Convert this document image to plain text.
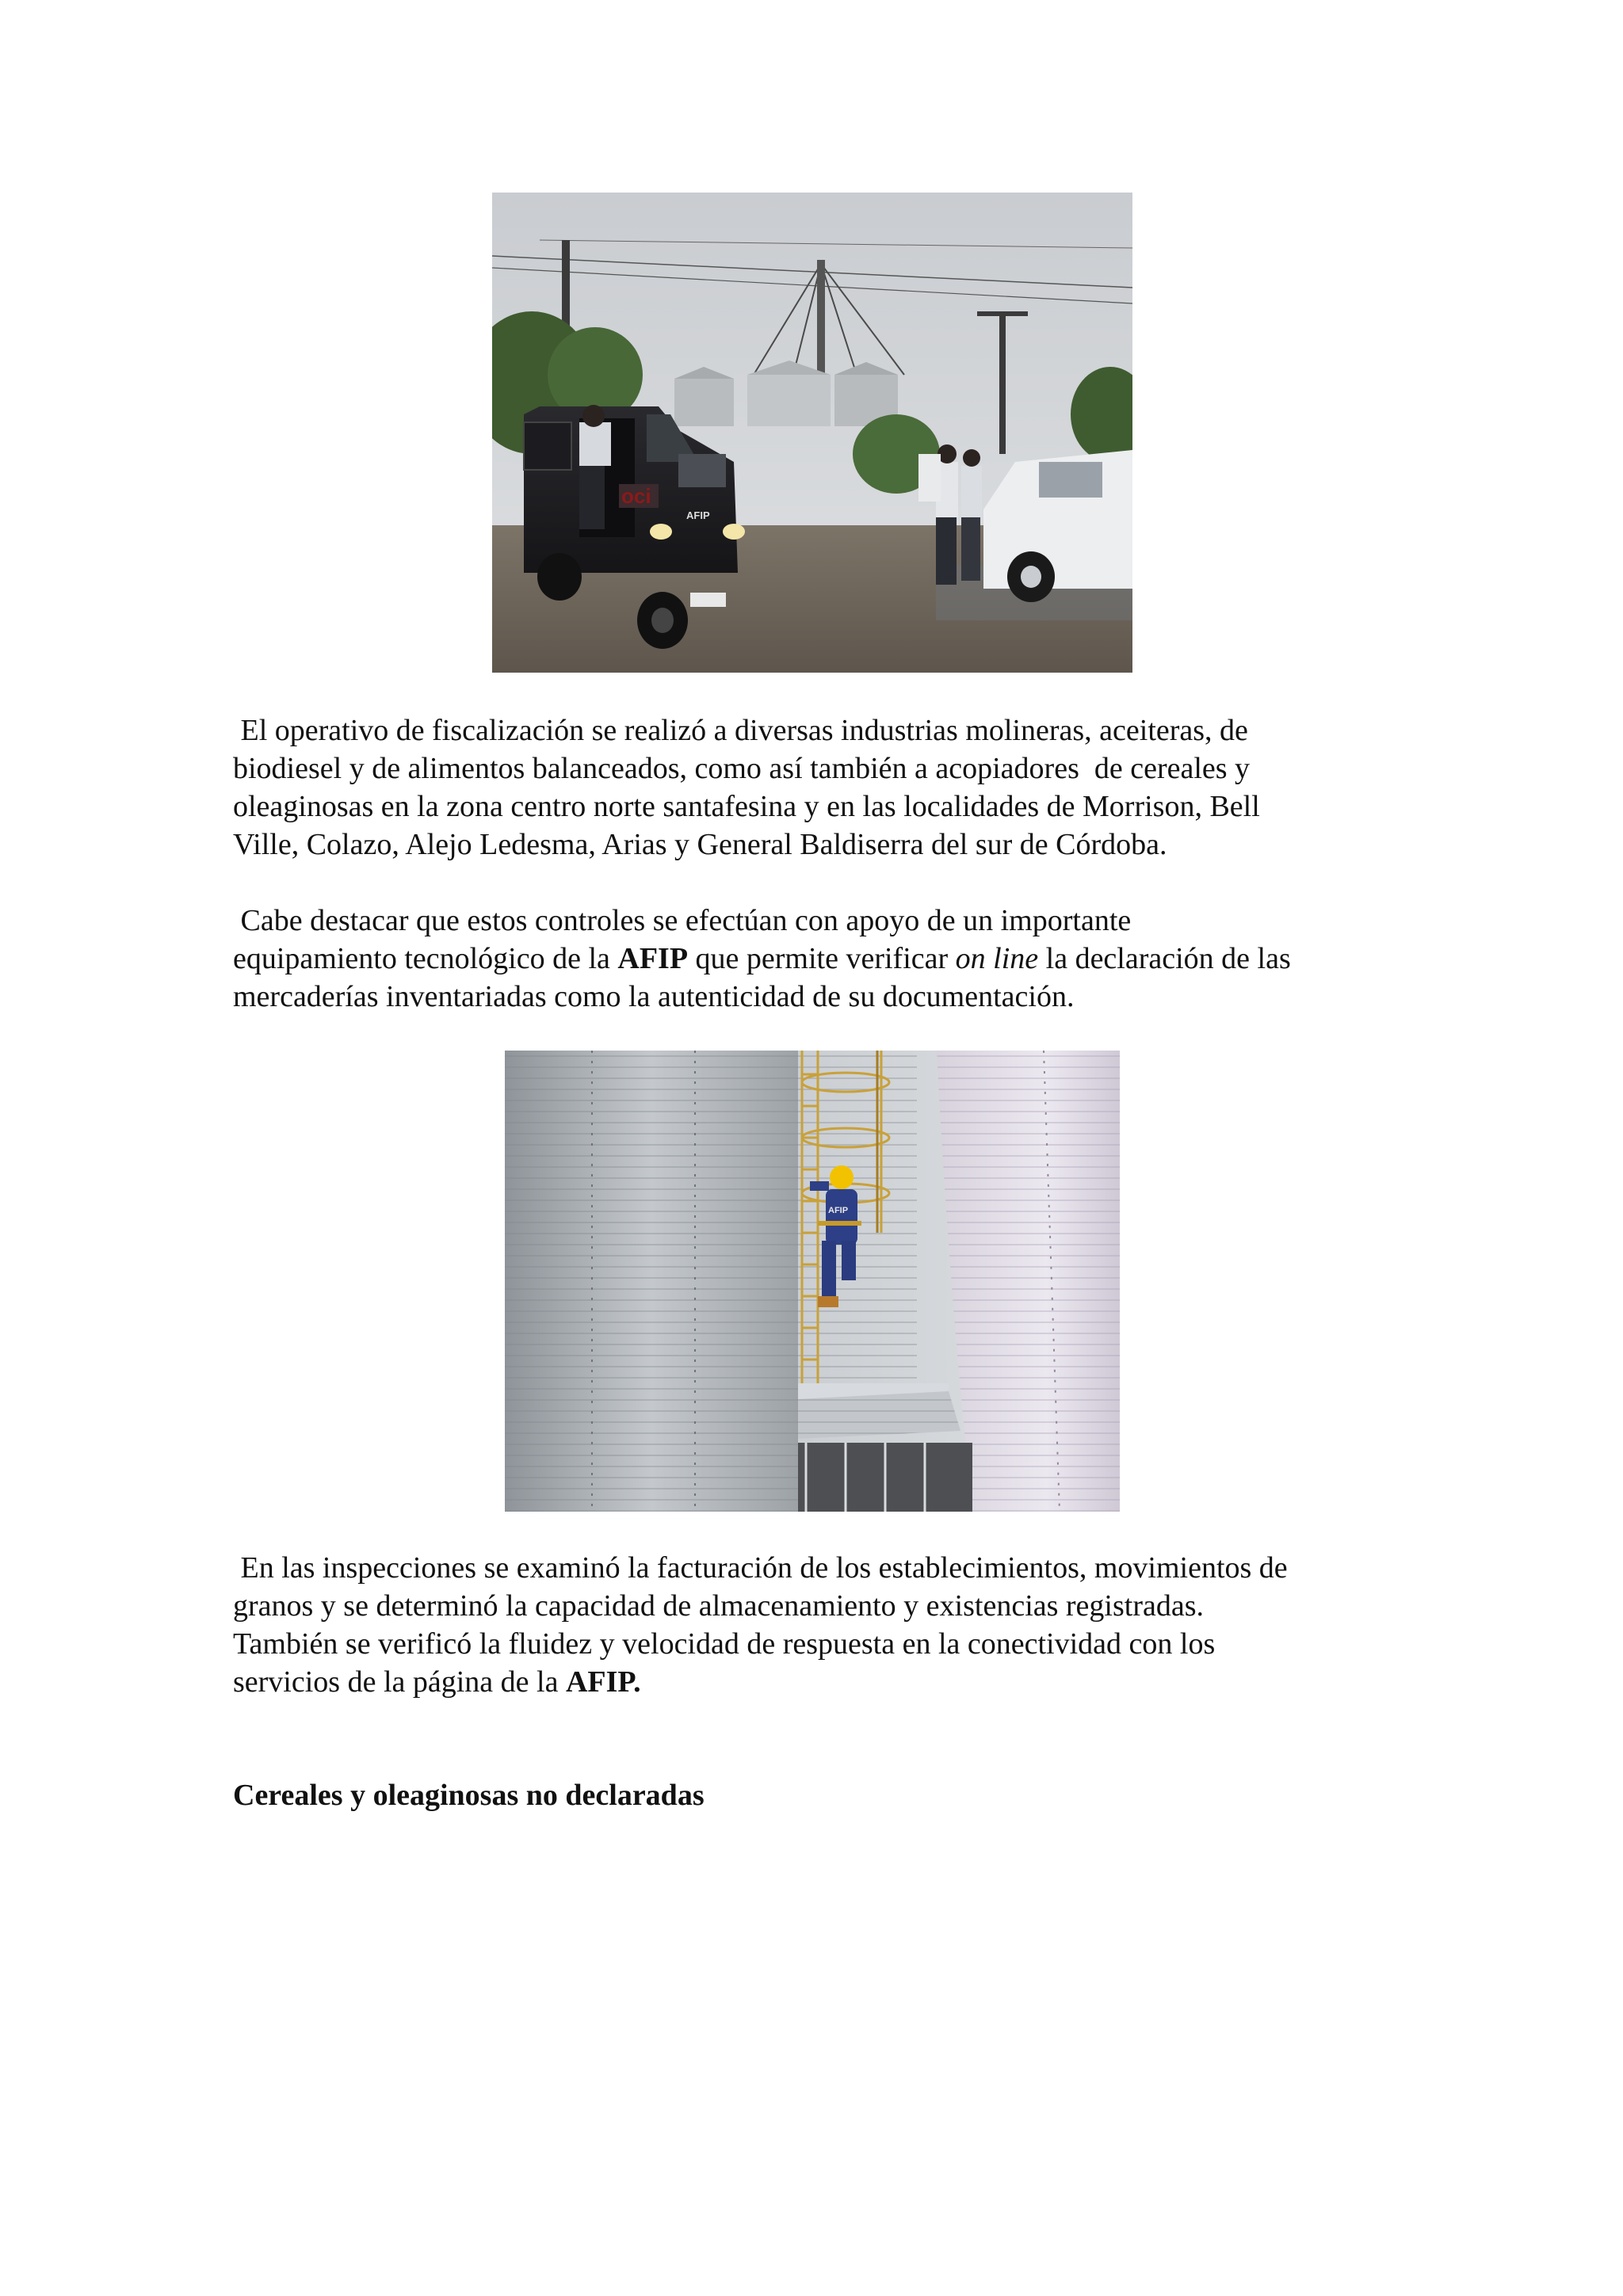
oci
AFIP

El operativo de fiscalización se realizó a diversas industrias molineras, aceiteras, de
biodiesel y de alimentos balanceados, como así también a acopiadores  de cereales y
oleaginosas en la zona centro norte santafesina y en las localidades de Morrison, Bell
Ville, Colazo, Alejo Ledesma, Arias y General Baldiserra del sur de Córdoba.

Cabe destacar que estos controles se efectúan con apoyo de un importante
equipamiento tecnológico de la AFIP que permite verificar on line la declaración de las
mercaderías inventariadas como la autenticidad de su documentación.

AFIP

En las inspecciones se examinó la facturación de los establecimientos, movimientos de
granos y se determinó la capacidad de almacenamiento y existencias registradas.
También se verificó la fluidez y velocidad de respuesta en la conectividad con los
servicios de la página de la AFIP.

Cereales y oleaginosas no declaradas
